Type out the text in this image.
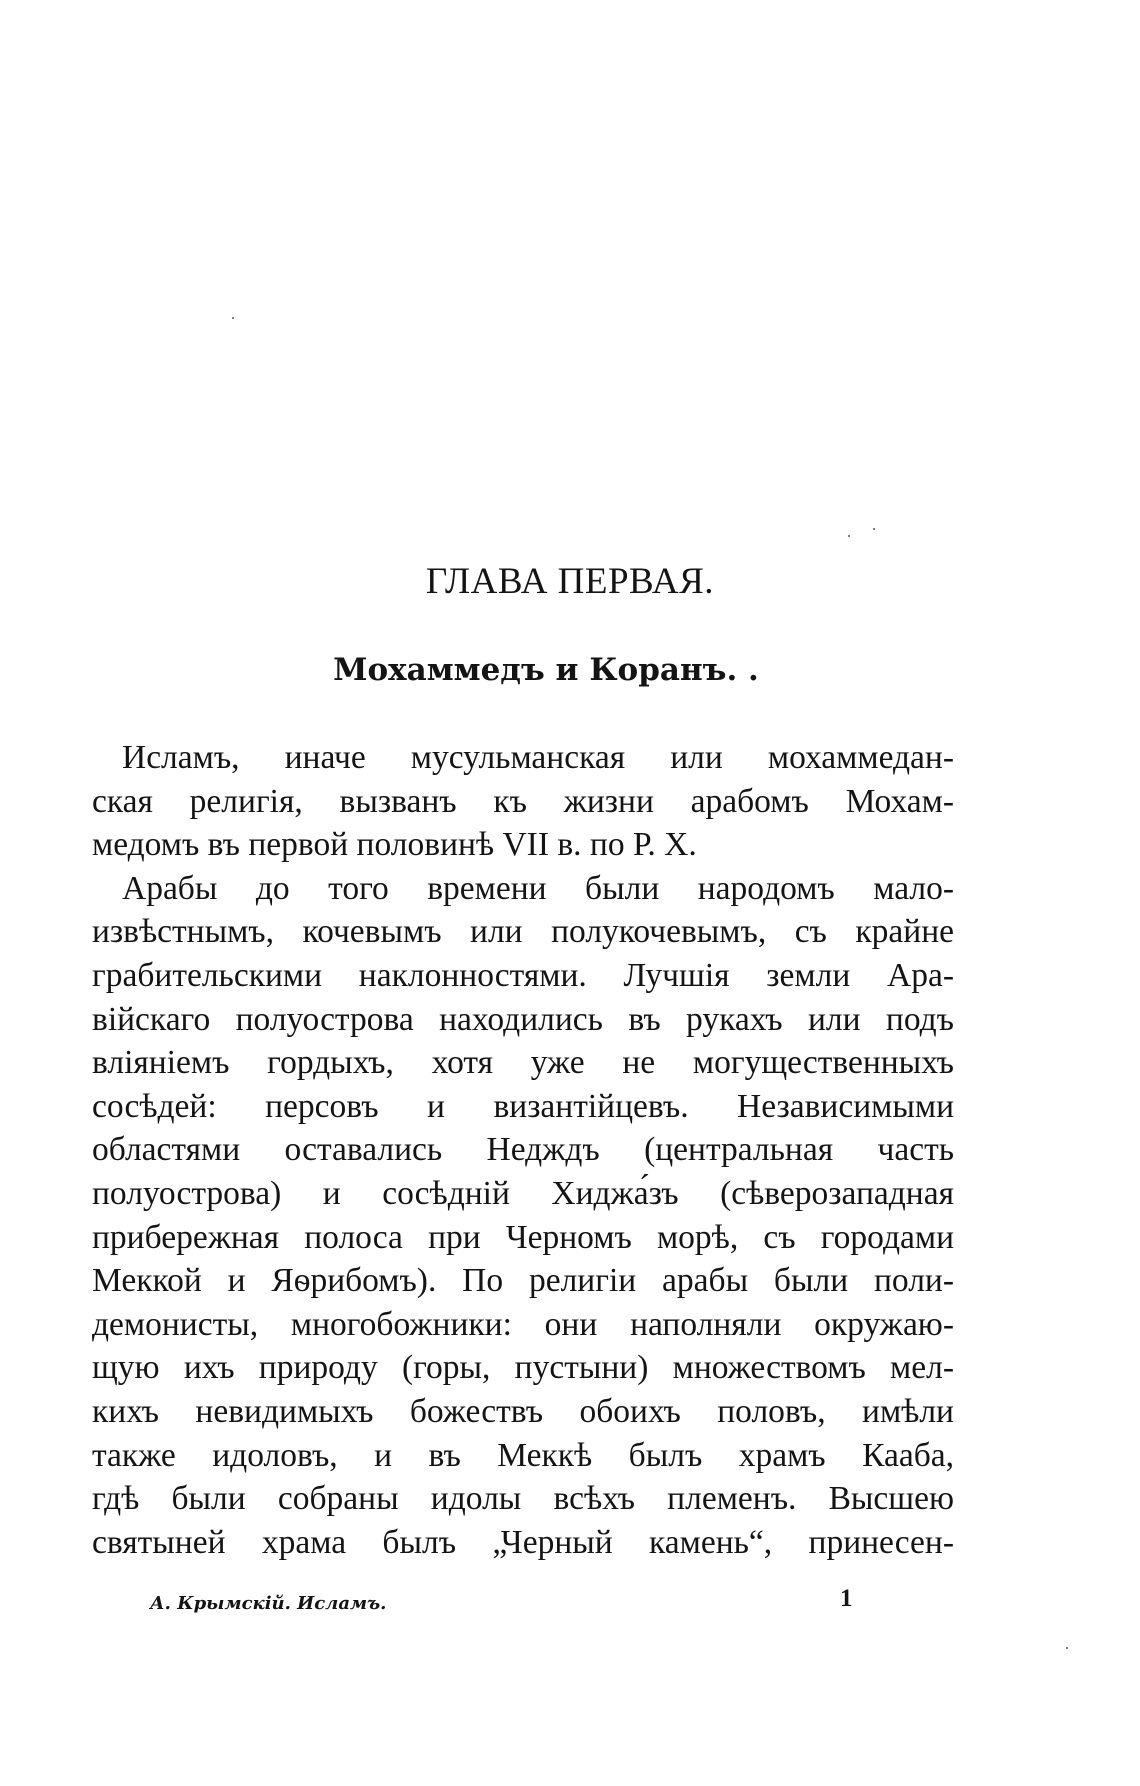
ГЛАВА ПЕРВАЯ.
Мохаммедъ и Коранъ. .
Исламъ, иначе мусульманская или мохаммедан-
ская религія, вызванъ къ жизни арабомъ Мохам-
медомъ въ первой половинѣ VII в. по Р. Х.
Арабы до того времени были народомъ мало-
извѣстнымъ, кочевымъ или полукочевымъ, съ крайне
грабительскими наклонностями. Лучшія земли Ара-
вiйскаго полуострова находились въ рукахъ или подъ
вліяніемъ гордыхъ, хотя уже не могущественныхъ
сосѣдей: персовъ и византійцевъ. Независимыми
областями оставались Недждъ (центральная часть
полуострова) и сосѣдній Хиджа́зъ (сѣверозападная
прибережная полоса при Черномъ морѣ, съ городами
Меккой и Яѳрибомъ). По религіи арабы были поли-
демонисты, многобожники: они наполняли окружаю-
щую ихъ природу (горы, пустыни) множествомъ мел-
кихъ невидимыхъ божествъ обоихъ половъ, имѣли
также идоловъ, и въ Меккѣ былъ храмъ Кааба,
гдѣ были собраны идолы всѣхъ племенъ. Высшею
святыней храма былъ „Черный камень“, принесен-
А. Крымскій. Исламъ.	1
